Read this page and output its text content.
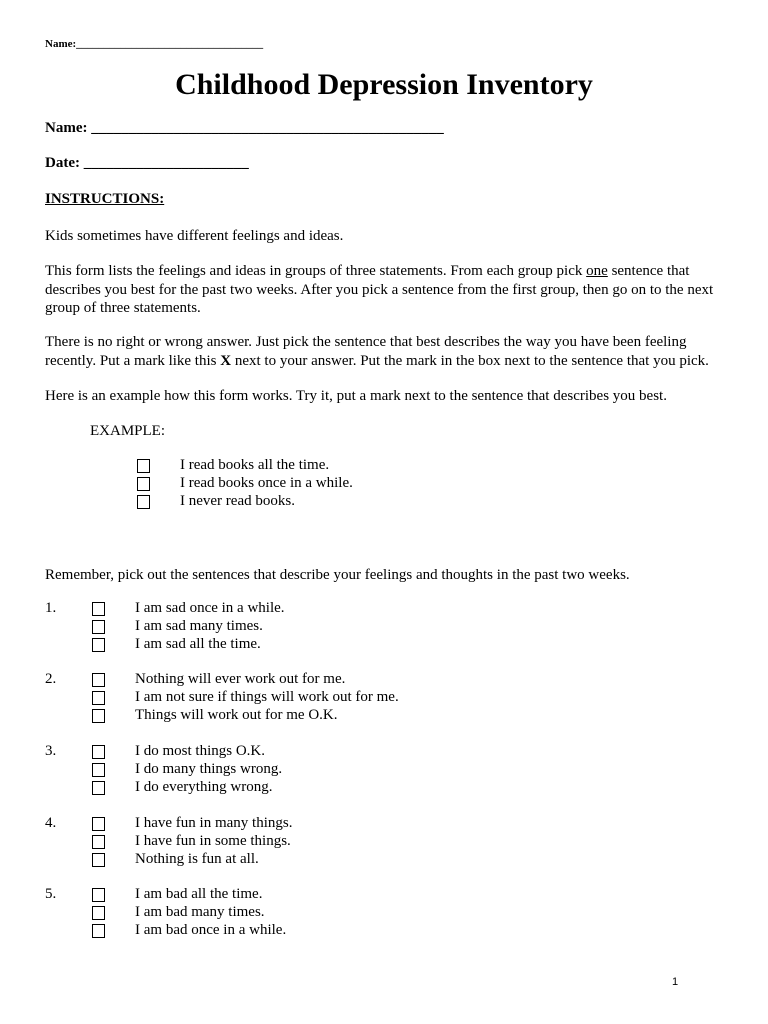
Name:__________________________________
Childhood Depression Inventory
Name: _______________________________________________
Date: ______________________
INSTRUCTIONS:
Kids sometimes have different feelings and ideas.
This form lists the feelings and ideas in groups of three statements. From each group pick one sentence that describes you best for the past two weeks. After you pick a sentence from the first group, then go on to the next group of three statements.
There is no right or wrong answer. Just pick the sentence that best describes the way you have been feeling recently. Put a mark like this X next to your answer. Put the mark in the box next to the sentence that you pick.
Here is an example how this form works. Try it, put a mark next to the sentence that describes you best.
EXAMPLE:
I read books all the time.
I read books once in a while.
I never read books.
Remember, pick out the sentences that describe your feelings and thoughts in the past two weeks.
1.	I am sad once in a while.
I am sad many times.
I am sad all the time.
2.	Nothing will ever work out for me.
I am not sure if things will work out for me.
Things will work out for me O.K.
3.	I do most things O.K.
I do many things wrong.
I do everything wrong.
4.	I have fun in many things.
I have fun in some things.
Nothing is fun at all.
5.	I am bad all the time.
I am bad many times.
I am bad once in a while.
1
